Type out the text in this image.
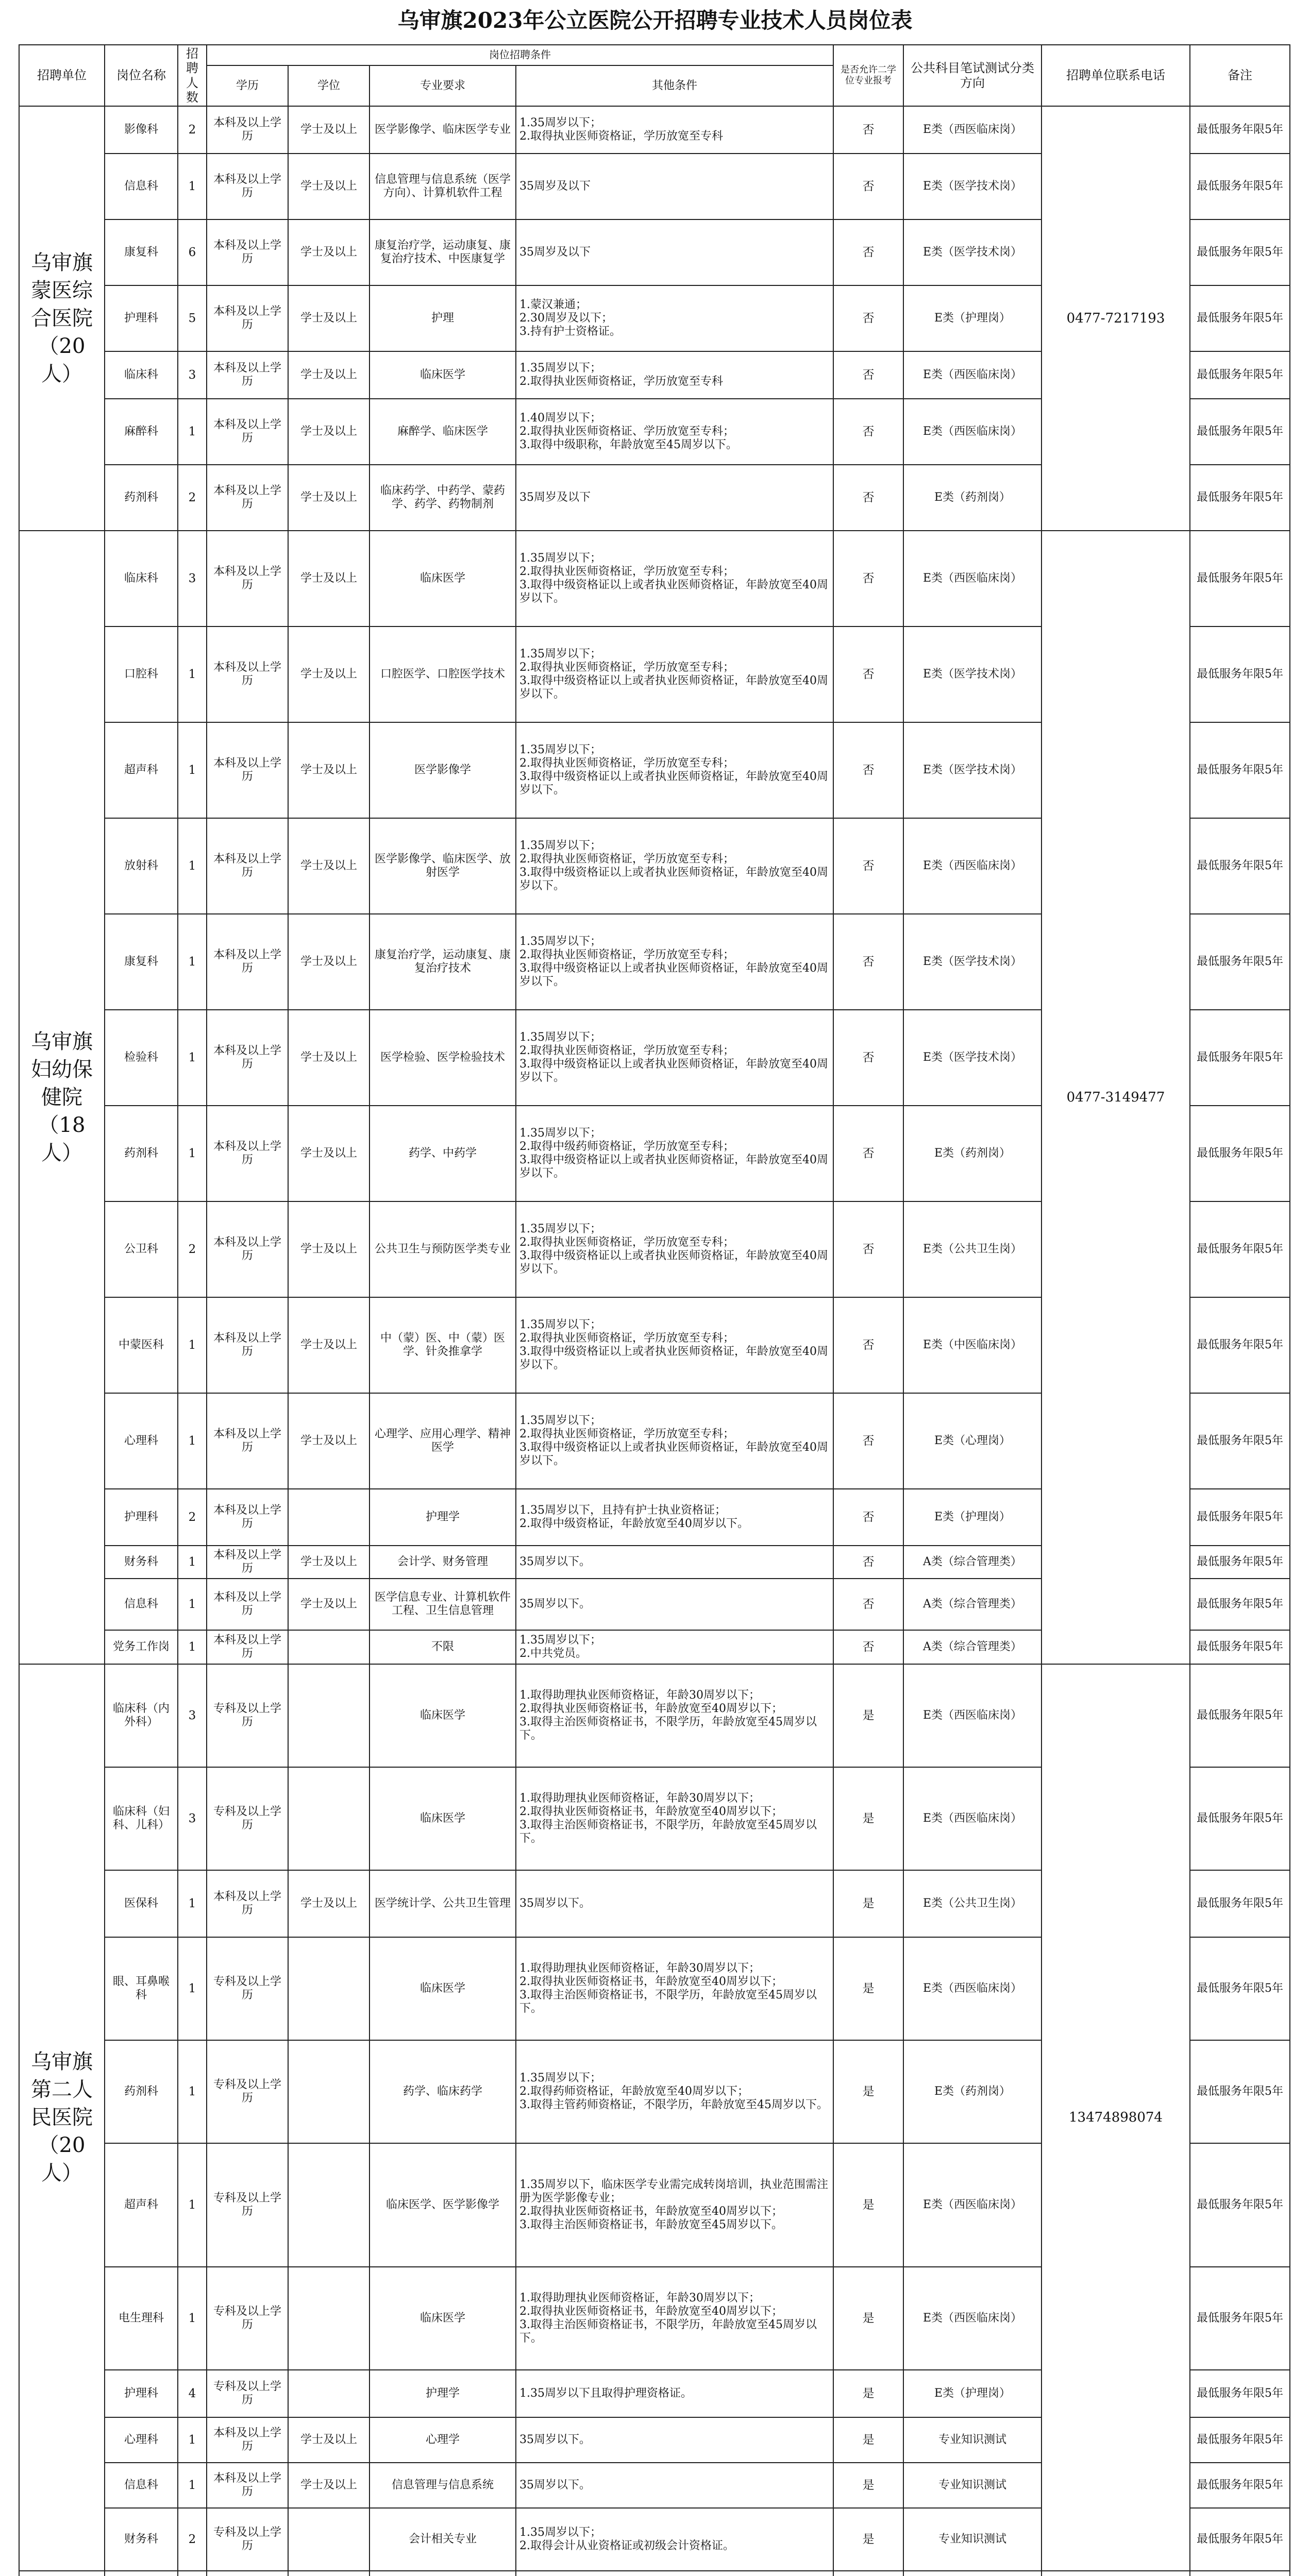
乌审旗2023年公立医院公开招聘专业技术人员岗位表
招聘单位	岗位名称	招聘人数	岗位招聘条件				是否允许二学位专业报考	公共科目笔试测试分类方向	招聘单位联系电话	备注
			学历	学位	专业要求	其他条件				
乌审旗蒙医综合医院（20人）	影像科	2	本科及以上学历	学士及以上	医学影像学、临床医学专业	1.35周岁以下；
2.取得执业医师资格证，学历放宽至专科	否	E类（西医临床岗）	0477-7217193	最低服务年限5年
	信息科	1	本科及以上学历	学士及以上	信息管理与信息系统（医学方向）、计算机软件工程	35周岁及以下	否	E类（医学技术岗）		最低服务年限5年
	康复科	6	本科及以上学历	学士及以上	康复治疗学，运动康复、康复治疗技术、中医康复学	35周岁及以下	否	E类（医学技术岗）		最低服务年限5年
	护理科	5	本科及以上学历	学士及以上	护理	1.蒙汉兼通；
2.30周岁及以下；
3.持有护士资格证。	否	E类（护理岗）		最低服务年限5年
	临床科	3	本科及以上学历	学士及以上	临床医学	1.35周岁以下；
2.取得执业医师资格证，学历放宽至专科	否	E类（西医临床岗）		最低服务年限5年
	麻醉科	1	本科及以上学历	学士及以上	麻醉学、临床医学	1.40周岁以下；
2.取得执业医师资格证、学历放宽至专科；
3.取得中级职称，年龄放宽至45周岁以下。	否	E类（西医临床岗）		最低服务年限5年
	药剂科	2	本科及以上学历	学士及以上	临床药学、中药学、蒙药学、药学、药物制剂	35周岁及以下	否	E类（药剂岗）		最低服务年限5年
乌审旗妇幼保健院（18人）	临床科	3	本科及以上学历	学士及以上	临床医学	1.35周岁以下；
2.取得执业医师资格证，学历放宽至专科；
3.取得中级资格证以上或者执业医师资格证，年龄放宽至40周岁以下。	否	E类（西医临床岗）	0477-3149477	最低服务年限5年
	口腔科	1	本科及以上学历	学士及以上	口腔医学、口腔医学技术	1.35周岁以下；
2.取得执业医师资格证，学历放宽至专科；
3.取得中级资格证以上或者执业医师资格证，年龄放宽至40周岁以下。	否	E类（医学技术岗）		最低服务年限5年
	超声科	1	本科及以上学历	学士及以上	医学影像学	1.35周岁以下；
2.取得执业医师资格证，学历放宽至专科；
3.取得中级资格证以上或者执业医师资格证，年龄放宽至40周岁以下。	否	E类（医学技术岗）		最低服务年限5年
	放射科	1	本科及以上学历	学士及以上	医学影像学、临床医学、放射医学	1.35周岁以下；
2.取得执业医师资格证，学历放宽至专科；
3.取得中级资格证以上或者执业医师资格证，年龄放宽至40周岁以下。	否	E类（西医临床岗）		最低服务年限5年
	康复科	1	本科及以上学历	学士及以上	康复治疗学，运动康复、康复治疗技术	1.35周岁以下；
2.取得执业医师资格证，学历放宽至专科；
3.取得中级资格证以上或者执业医师资格证，年龄放宽至40周岁以下。	否	E类（医学技术岗）		最低服务年限5年
	检验科	1	本科及以上学历	学士及以上	医学检验、医学检验技术	1.35周岁以下；
2.取得执业医师资格证，学历放宽至专科；
3.取得中级资格证以上或者执业医师资格证，年龄放宽至40周岁以下。	否	E类（医学技术岗）		最低服务年限5年
	药剂科	1	本科及以上学历	学士及以上	药学、中药学	1.35周岁以下；
2.取得中级药师资格证，学历放宽至专科；
3.取得中级资格证以上或者执业医师资格证，年龄放宽至40周岁以下。	否	E类（药剂岗）		最低服务年限5年
	公卫科	2	本科及以上学历	学士及以上	公共卫生与预防医学类专业	1.35周岁以下；
2.取得执业医师资格证，学历放宽至专科；
3.取得中级资格证以上或者执业医师资格证，年龄放宽至40周岁以下。	否	E类（公共卫生岗）		最低服务年限5年
	中蒙医科	1	本科及以上学历	学士及以上	中（蒙）医、中（蒙）医学、针灸推拿学	1.35周岁以下；
2.取得执业医师资格证，学历放宽至专科；
3.取得中级资格证以上或者执业医师资格证，年龄放宽至40周岁以下。	否	E类（中医临床岗）		最低服务年限5年
	心理科	1	本科及以上学历	学士及以上	心理学、应用心理学、精神医学	1.35周岁以下；
2.取得执业医师资格证，学历放宽至专科；
3.取得中级资格证以上或者执业医师资格证，年龄放宽至40周岁以下。	否	E类（心理岗）		最低服务年限5年
	护理科	2	本科及以上学历		护理学	1.35周岁以下，且持有护士执业资格证；
2.取得中级资格证，年龄放宽至40周岁以下。	否	E类（护理岗）		最低服务年限5年
	财务科	1	本科及以上学历	学士及以上	会计学、财务管理	35周岁以下。	否	A类（综合管理类）		最低服务年限5年
	信息科	1	本科及以上学历	学士及以上	医学信息专业、计算机软件工程、卫生信息管理	35周岁以下。	否	A类（综合管理类）		最低服务年限5年
	党务工作岗	1	本科及以上学历		不限	1.35周岁以下；
2.中共党员。	否	A类（综合管理类）		最低服务年限5年
乌审旗第二人民医院（20人）	临床科（内外科）	3	专科及以上学历		临床医学	1.取得助理执业医师资格证，年龄30周岁以下；
2.取得执业医师资格证书，年龄放宽至40周岁以下；
3.取得主治医师资格证书，不限学历，年龄放宽至45周岁以下。	是	E类（西医临床岗）	13474898074	最低服务年限5年
	临床科（妇科、儿科）	3	专科及以上学历		临床医学	1.取得助理执业医师资格证，年龄30周岁以下；
2.取得执业医师资格证书，年龄放宽至40周岁以下；
3.取得主治医师资格证书，不限学历，年龄放宽至45周岁以下。	是	E类（西医临床岗）		最低服务年限5年
	医保科	1	本科及以上学历	学士及以上	医学统计学、公共卫生管理	35周岁以下。	是	E类（公共卫生岗）		最低服务年限5年
	眼、耳鼻喉科	1	专科及以上学历		临床医学	1.取得助理执业医师资格证，年龄30周岁以下；
2.取得执业医师资格证书，年龄放宽至40周岁以下；
3.取得主治医师资格证书，不限学历，年龄放宽至45周岁以下。	是	E类（西医临床岗）		最低服务年限5年
	药剂科	1	专科及以上学历		药学、临床药学	1.35周岁以下；
2.取得药师资格证，年龄放宽至40周岁以下；
3.取得主管药师资格证，不限学历，年龄放宽至45周岁以下。	是	E类（药剂岗）		最低服务年限5年
	超声科	1	专科及以上学历		临床医学、医学影像学	1.35周岁以下，临床医学专业需完成转岗培训，执业范围需注册为医学影像专业；
2.取得执业医师资格证书，年龄放宽至40周岁以下；
3.取得主治医师资格证书，年龄放宽至45周岁以下。	是	E类（西医临床岗）		最低服务年限5年
	电生理科	1	专科及以上学历		临床医学	1.取得助理执业医师资格证，年龄30周岁以下；
2.取得执业医师资格证书，年龄放宽至40周岁以下；
3.取得主治医师资格证书，不限学历，年龄放宽至45周岁以下。	是	E类（西医临床岗）		最低服务年限5年
	护理科	4	专科及以上学历		护理学	1.35周岁以下且取得护理资格证。	是	E类（护理岗）		最低服务年限5年
	心理科	1	本科及以上学历	学士及以上	心理学	35周岁以下。	是	专业知识测试		最低服务年限5年
	信息科	1	本科及以上学历	学士及以上	信息管理与信息系统	35周岁以下。	是	专业知识测试		最低服务年限5年
	财务科	2	专科及以上学历		会计相关专业	1.35周岁以下；
2.取得会计从业资格证或初级会计资格证。	是	专业知识测试		最低服务年限5年
